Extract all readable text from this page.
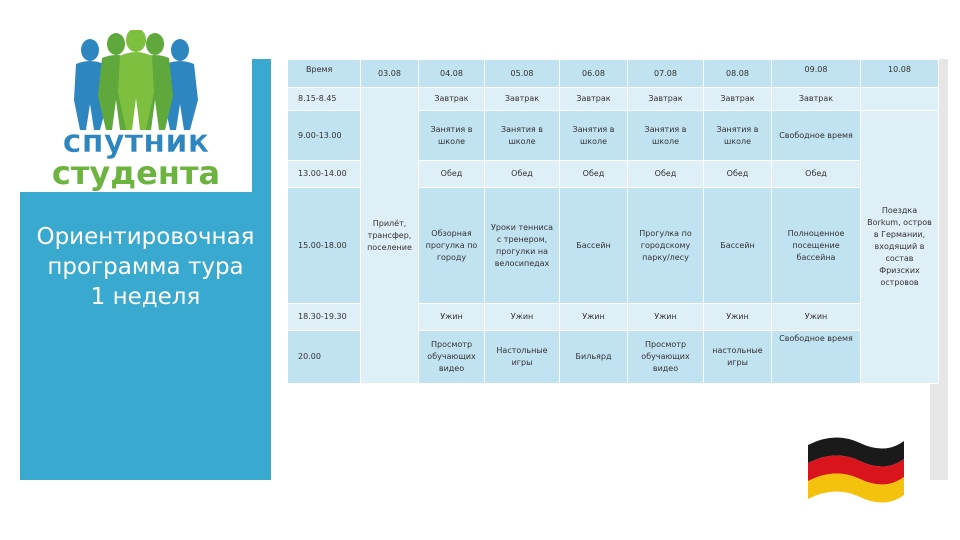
спутник
студента
Ориентировочная
программа тура
1 неделя
Время	03.08	04.08	05.08	06.08	07.08	08.08	09.08	10.08
8.15-8.45	Прилёт, трансфер, поселение	Завтрак	Завтрак	Завтрак	Завтрак	Завтрак	Завтрак	
9.00-13.00		Занятия в школе	Занятия в школе	Занятия в школе	Занятия в школе	Занятия в школе	Свободное время	Поездка Borkum, остров в Германии, входящий в состав Фризских островов
13.00-14.00		Обед	Обед	Обед	Обед	Обед	Обед	
15.00-18.00		Обзорная прогулка по городу	Уроки тенниса с тренером, прогулки на велосипедах	Бассейн	Прогулка по городскому парку/лесу	Бассейн	Полноценное посещение бассейна	
18.30-19.30		Ужин	Ужин	Ужин	Ужин	Ужин	Ужин	
20.00		Просмотр обучающих видео	Настольные игры	Бильярд	Просмотр обучающих видео	настольные игры	Свободное время	
